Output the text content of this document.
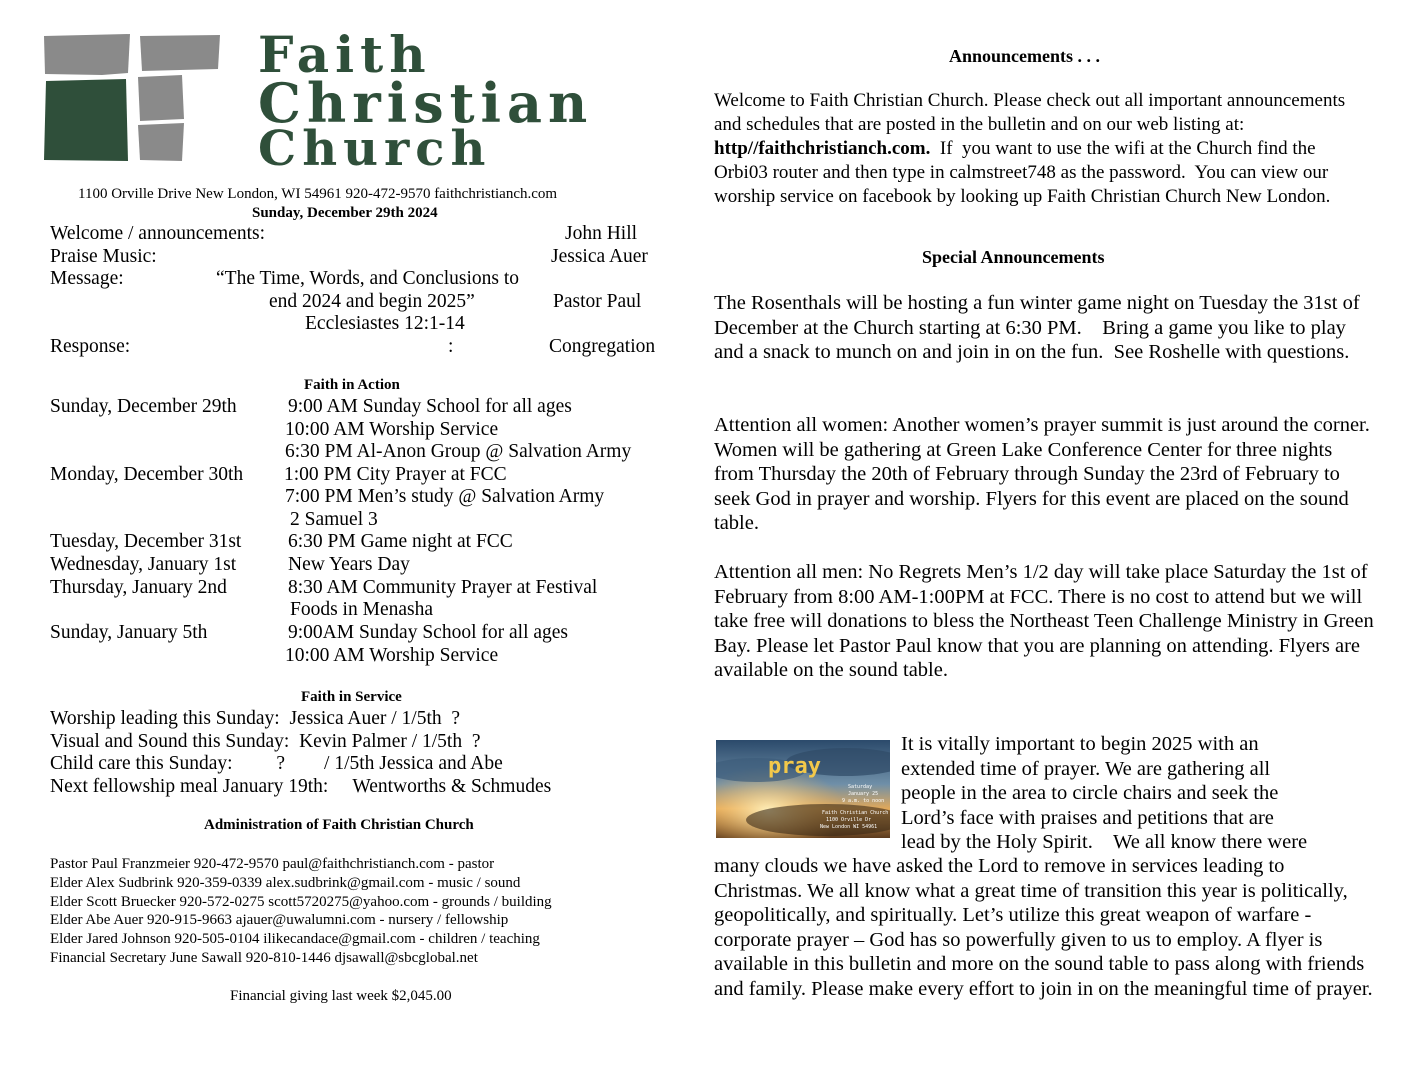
Faith
Christian
Church
1100 Orville Drive New London, WI 54961 920-472-9570 faithchristianch.com
Sunday, December 29th 2024
Welcome / announcements:	John Hill
Praise Music:	Jessica Auer
Message:	“The Time, Words, and Conclusions to
end 2024 and begin 2025”	Pastor Paul
Ecclesiastes 12:1-14
Response:	:	Congregation
Faith in Action
Sunday, December 29th	9:00 AM Sunday School for all ages
10:00 AM Worship Service
6:30 PM Al-Anon Group @ Salvation Army
Monday, December 30th 1:00 PM City Prayer at FCC
7:00 PM Men’s study @ Salvation Army
2 Samuel 3
Tuesday, December 31st 6:30 PM Game night at FCC
Wednesday, January 1st	New Years Day
Thursday, January 2nd	8:30 AM Community Prayer at Festival
Foods in Menasha
Sunday, January 5th	9:00AM Sunday School for all ages
10:00 AM Worship Service
Faith in Service
Worship leading this Sunday:  Jessica Auer / 1/5th  ?
Visual and Sound this Sunday:  Kevin Palmer / 1/5th  ?
Child care this Sunday:         ?        / 1/5th Jessica and Abe
Next fellowship meal January 19th:     Wentworths & Schmudes
Administration of Faith Christian Church
Pastor Paul Franzmeier 920-472-9570 paul@faithchristianch.com - pastor
Elder Alex Sudbrink 920-359-0339 alex.sudbrink@gmail.com - music / sound
Elder Scott Bruecker 920-572-0275 scott5720275@yahoo.com - grounds / building
Elder Abe Auer 920-915-9663 ajauer@uwalumni.com - nursery / fellowship
Elder Jared Johnson 920-505-0104 ilikecandace@gmail.com - children / teaching
Financial Secretary June Sawall 920-810-1446 djsawall@sbcglobal.net
Financial giving last week $2,045.00
Announcements . . .
Welcome to Faith Christian Church. Please check out all important announcements and schedules that are posted in the bulletin and on our web listing at: http//faithchristianch.com.  If  you want to use the wifi at the Church find the Orbi03 router and then type in calmstreet748 as the password.  You can view our worship service on facebook by looking up Faith Christian Church New London.
Special Announcements
The Rosenthals will be hosting a fun winter game night on Tuesday the 31st of December at the Church starting at 6:30 PM.    Bring a game you like to play and a snack to munch on and join in on the fun.  See Roshelle with questions.
Attention all women: Another women’s prayer summit is just around the corner. Women will be gathering at Green Lake Conference Center for three nights from Thursday the 20th of February through Sunday the 23rd of February to seek God in prayer and worship. Flyers for this event are placed on the sound table.
Attention all men: No Regrets Men’s 1/2 day will take place Saturday the 1st of February from 8:00 AM-1:00PM at FCC. There is no cost to attend but we will take free will donations to bless the Northeast Teen Challenge Ministry in Green Bay. Please let Pastor Paul know that you are planning on attending. Flyers are available on the sound table.
pray
Saturday
January 25
9 a.m. to noon
Faith Christian Church
1100 Orville Dr
New London WI 54961
It is vitally important to begin 2025 with an
extended time of prayer. We are gathering all
people in the area to circle chairs and seek the
Lord’s face with praises and petitions that are
lead by the Holy Spirit.    We all know there were
many clouds we have asked the Lord to remove in services leading to Christmas. We all know what a great time of transition this year is politically, geopolitically, and spiritually. Let’s utilize this great weapon of warfare - corporate prayer – God has so powerfully given to us to employ. A flyer is available in this bulletin and more on the sound table to pass along with friends and family. Please make every effort to join in on the meaningful time of prayer.
